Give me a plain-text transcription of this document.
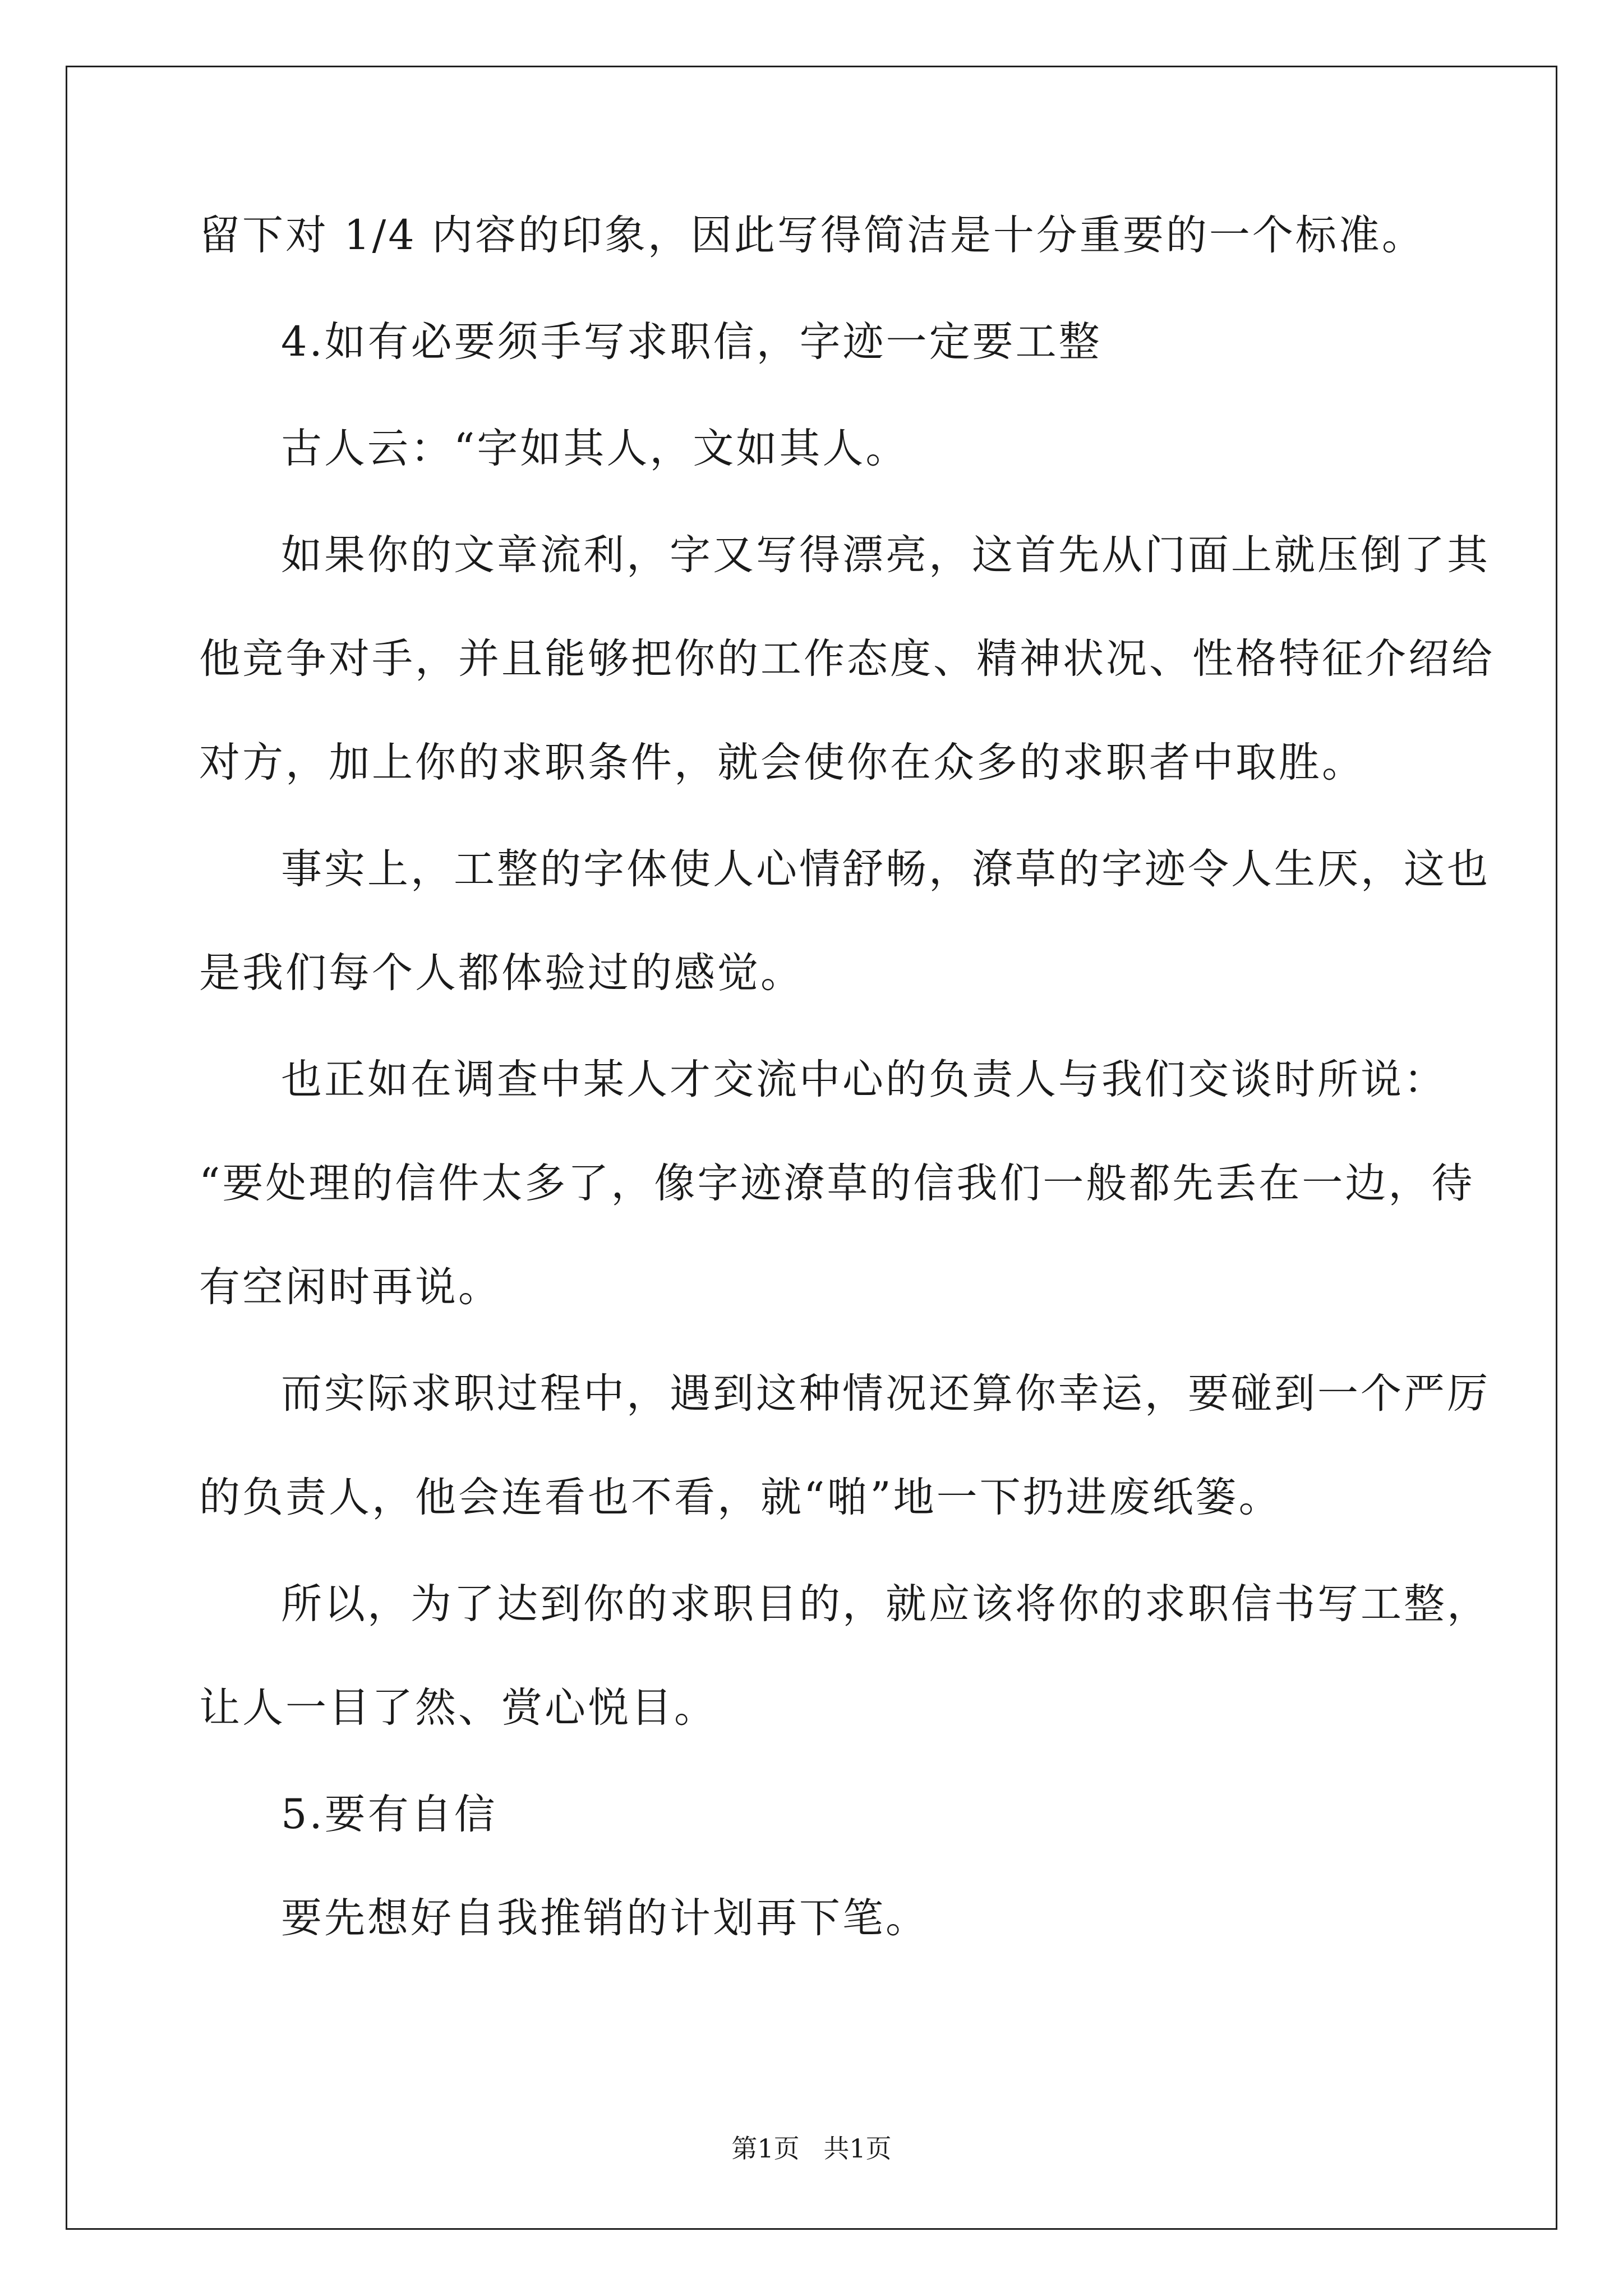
留下对 1/4 内容的印象，因此写得简洁是十分重要的一个标准。
4.如有必要须手写求职信，字迹一定要工整
古人云：“字如其人，文如其人。
如果你的文章流利，字又写得漂亮，这首先从门面上就压倒了其
他竞争对手，并且能够把你的工作态度、精神状况、性格特征介绍给
对方，加上你的求职条件，就会使你在众多的求职者中取胜。
事实上，工整的字体使人心情舒畅，潦草的字迹令人生厌，这也
是我们每个人都体验过的感觉。
也正如在调查中某人才交流中心的负责人与我们交谈时所说：
“要处理的信件太多了，像字迹潦草的信我们一般都先丢在一边，待
有空闲时再说。
而实际求职过程中，遇到这种情况还算你幸运，要碰到一个严厉
的负责人，他会连看也不看，就“啪”地一下扔进废纸篓。
所以，为了达到你的求职目的，就应该将你的求职信书写工整，
让人一目了然、赏心悦目。
5.要有自信
要先想好自我推销的计划再下笔。
第1页 共1页
